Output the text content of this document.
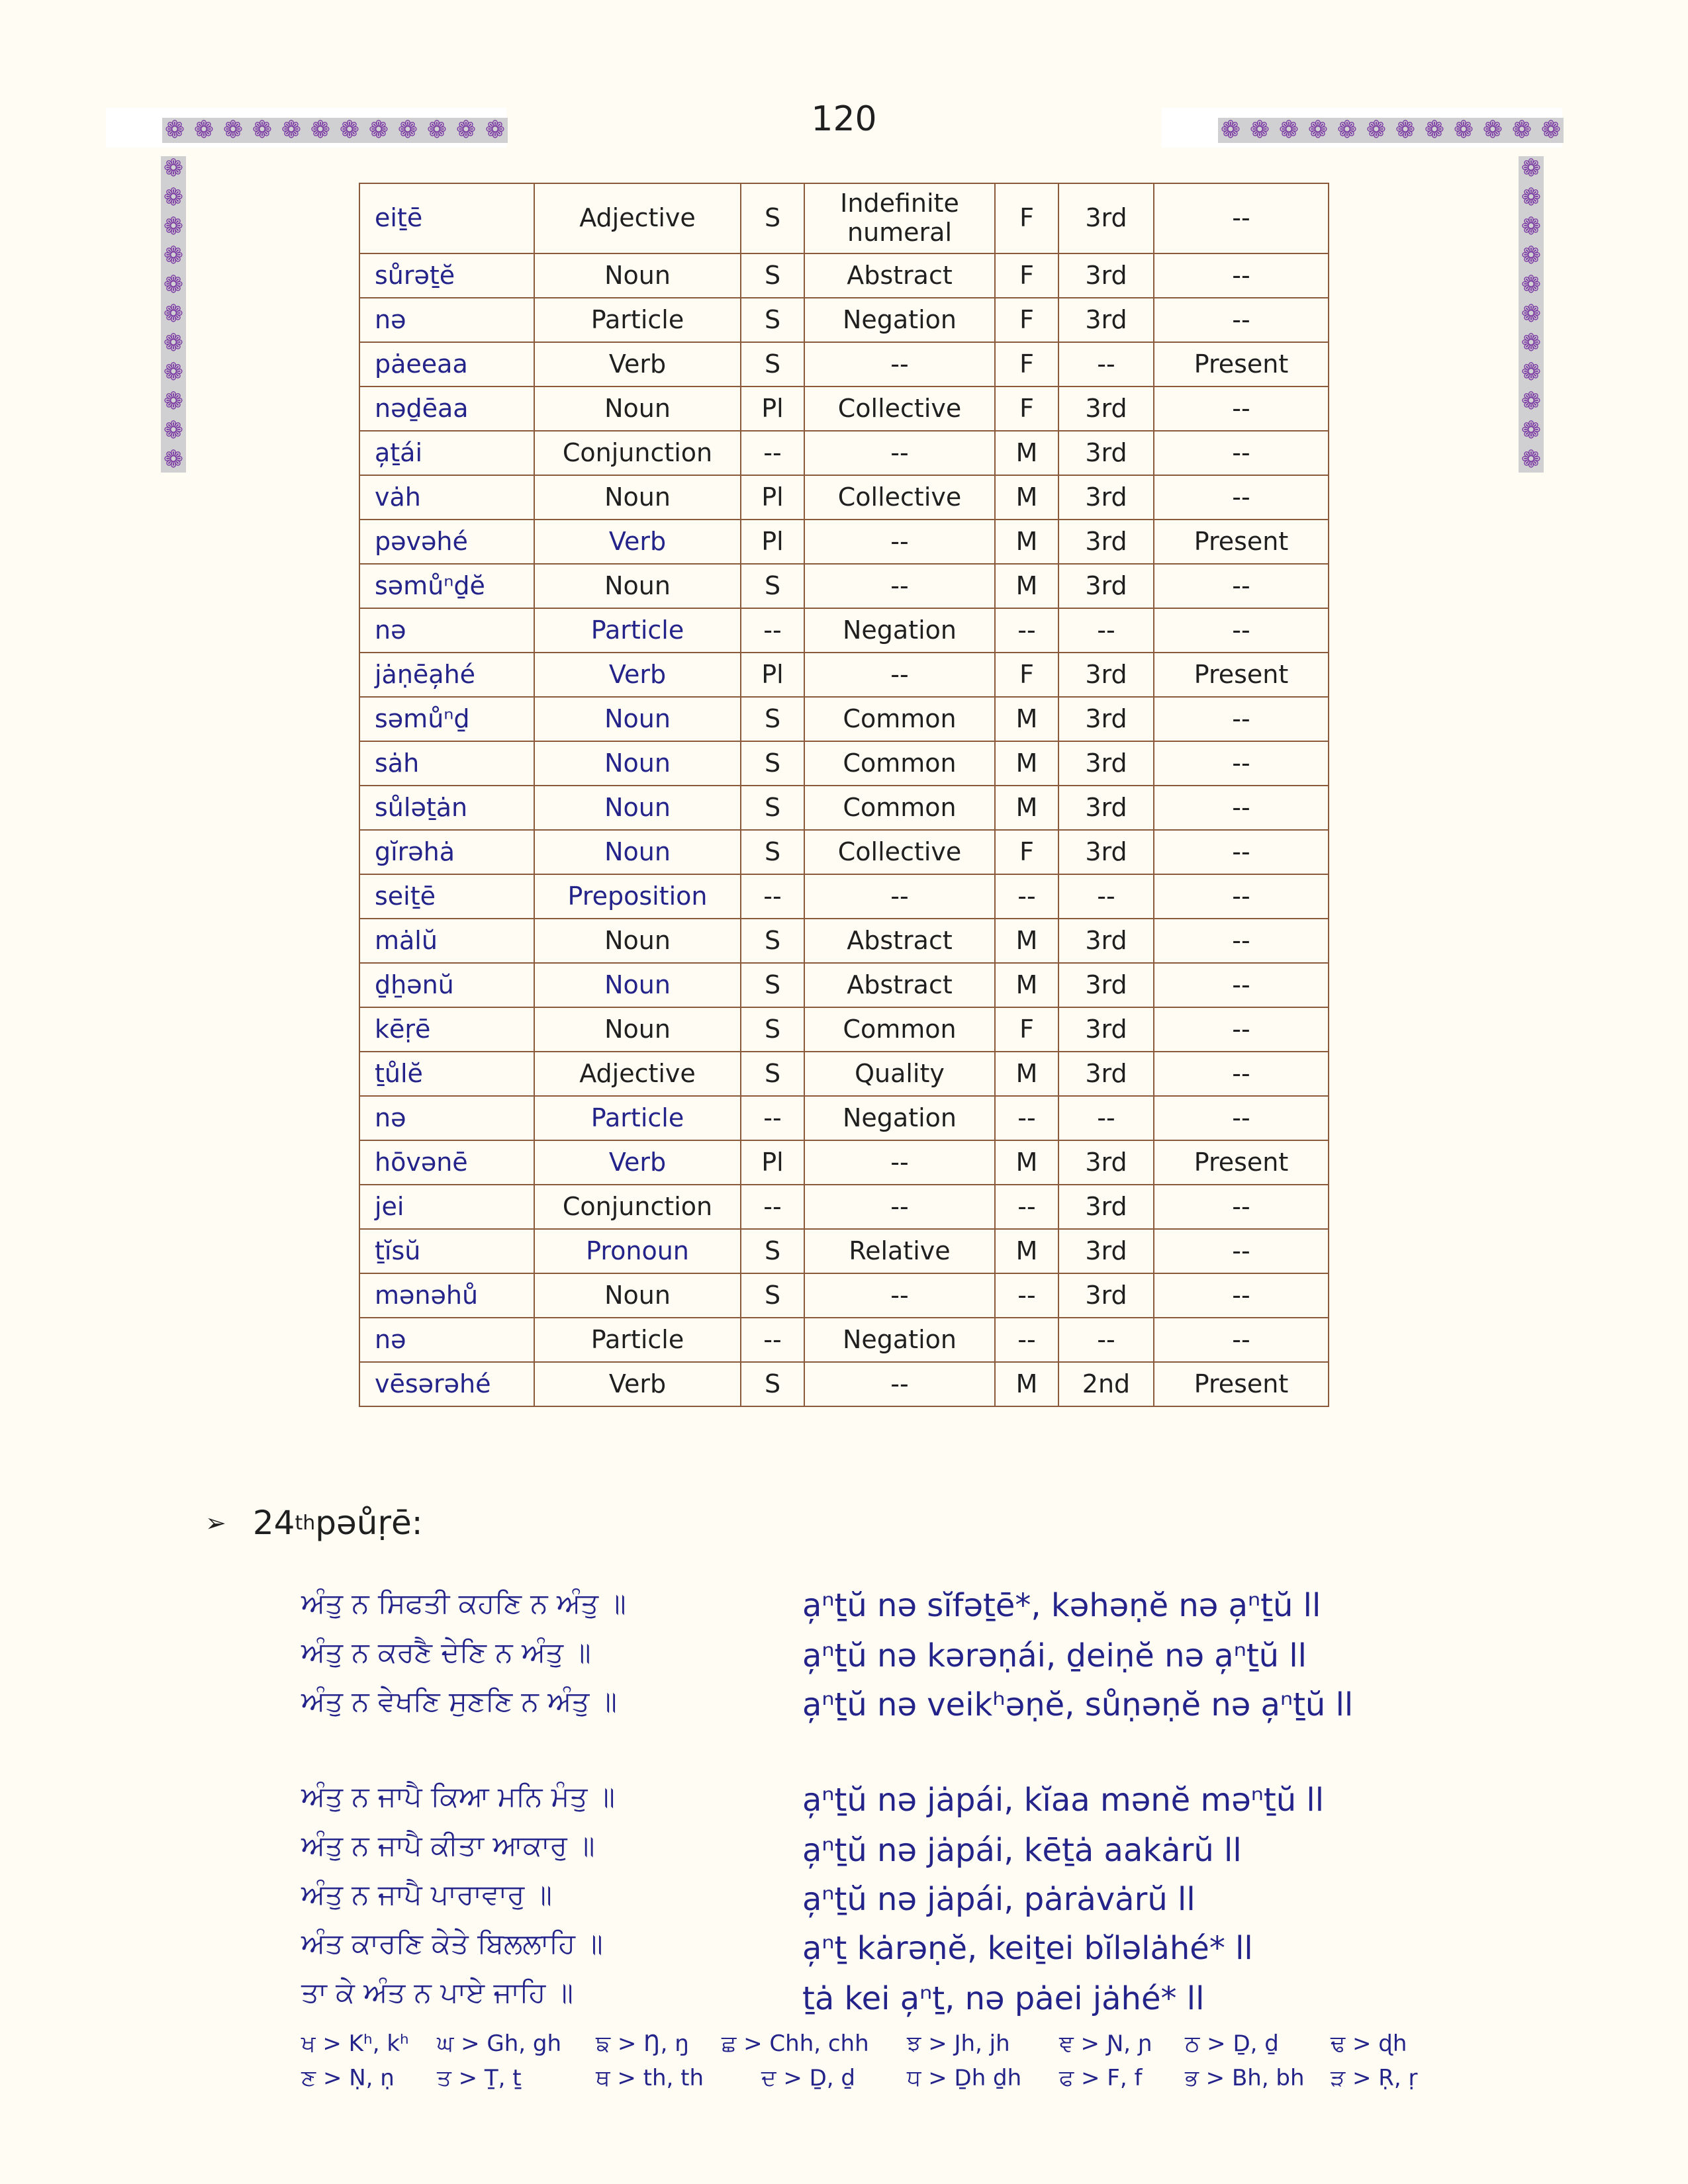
120
❁ ❁ ❁ ❁ ❁ ❁ ❁ ❁ ❁ ❁ ❁ ❁	❁ ❁ ❁ ❁ ❁ ❁ ❁ ❁ ❁ ❁ ❁ ❁
❁
❁
❁
❁
❁
❁
❁
❁
❁
❁
❁
❁
❁
❁
❁
❁
❁
❁
❁
❁
❁
❁
eiṯē	Adjective	S	Indefinite numeral	F	3rd	--
sůrəṯĕ	Noun	S	Abstract	F	3rd	--
nə	Particle	S	Negation	F	3rd	--
pȧeeaa	Verb	S	--	F	--	Present
nəḏēaa	Noun	Pl	Collective	F	3rd	--
a̦ṯái	Conjunction	--	--	M	3rd	--
vȧh	Noun	Pl	Collective	M	3rd	--
pəvəhé	Verb	Pl	--	M	3rd	Present
səmůⁿḏĕ	Noun	S	--	M	3rd	--
nə	Particle	--	Negation	--	--	--
jȧṇēa̦hé	Verb	Pl	--	F	3rd	Present
səmůⁿḏ	Noun	S	Common	M	3rd	--
sȧh	Noun	S	Common	M	3rd	--
sůləṯȧn	Noun	S	Common	M	3rd	--
gĭrəhȧ	Noun	S	Collective	F	3rd	--
seiṯē	Preposition	--	--	--	--	--
mȧlŭ	Noun	S	Abstract	M	3rd	--
ḏẖənŭ	Noun	S	Abstract	M	3rd	--
kēṛē	Noun	S	Common	F	3rd	--
ṯůlĕ	Adjective	S	Quality	M	3rd	--
nə	Particle	--	Negation	--	--	--
hōvənē	Verb	Pl	--	M	3rd	Present
jei	Conjunction	--	--	--	3rd	--
ṯĭsŭ	Pronoun	S	Relative	M	3rd	--
mənəhů	Noun	S	--	--	3rd	--
nə	Particle	--	Negation	--	--	--
vēsərəhé	Verb	S	--	M	2nd	Present
➢ 24 th pəůṛē:
ਅੰਤੁ ਨ ਸਿਫਤੀ ਕਹਣਿ ਨ ਅੰਤੁ ॥	a̦ⁿṯŭ nə sĭfəṯē*, kəhəṇĕ nə a̦ⁿṯŭ ll
ਅੰਤੁ ਨ ਕਰਣੈ ਦੇਣਿ ਨ ਅੰਤੁ ॥	a̦ⁿṯŭ nə kərəṇái, ḏeiṇĕ nə a̦ⁿṯŭ ll
ਅੰਤੁ ਨ ਵੇਖਣਿ ਸੁਣਣਿ ਨ ਅੰਤੁ ॥	a̦ⁿṯŭ nə veikʰəṇĕ, sůṇəṇĕ nə a̦ⁿṯŭ ll
ਅੰਤੁ ਨ ਜਾਪੈ ਕਿਆ ਮਨਿ ਮੰਤੁ ॥	a̦ⁿṯŭ nə jȧpái, kĭaa mənĕ məⁿṯŭ ll
ਅੰਤੁ ਨ ਜਾਪੈ ਕੀਤਾ ਆਕਾਰੁ ॥	a̦ⁿṯŭ nə jȧpái, kēṯȧ aakȧrŭ ll
ਅੰਤੁ ਨ ਜਾਪੈ ਪਾਰਾਵਾਰੁ ॥	a̦ⁿṯŭ nə jȧpái, pȧrȧvȧrŭ ll
ਅੰਤ ਕਾਰਣਿ ਕੇਤੇ ਬਿਲਲਾਹਿ ॥	a̦ⁿṯ kȧrəṇĕ, keiṯei bĭləlȧhé* ll
ਤਾ ਕੇ ਅੰਤ ਨ ਪਾਏ ਜਾਹਿ ॥	ṯȧ kei a̦ⁿṯ, nə pȧei jȧhé* ll
ਖ > Kʰ, kʰ ਘ > Gh, gh ਙ > Ŋ, ŋ ਛ > Chh, chh ਝ > Jh, jh ਞ > Ɲ, ɲ ਠ > Ḏ, ḏ ਢ > ɖh
ਣ > Ṇ, ṇ ਤ > Ṯ, ṯ	ਥ > th, th	ਦ > Ḏ, ḏ ਧ > Ḏh ḏh ਫ > F, f ਭ > Bh, bh ੜ > Ṛ, ṛ
